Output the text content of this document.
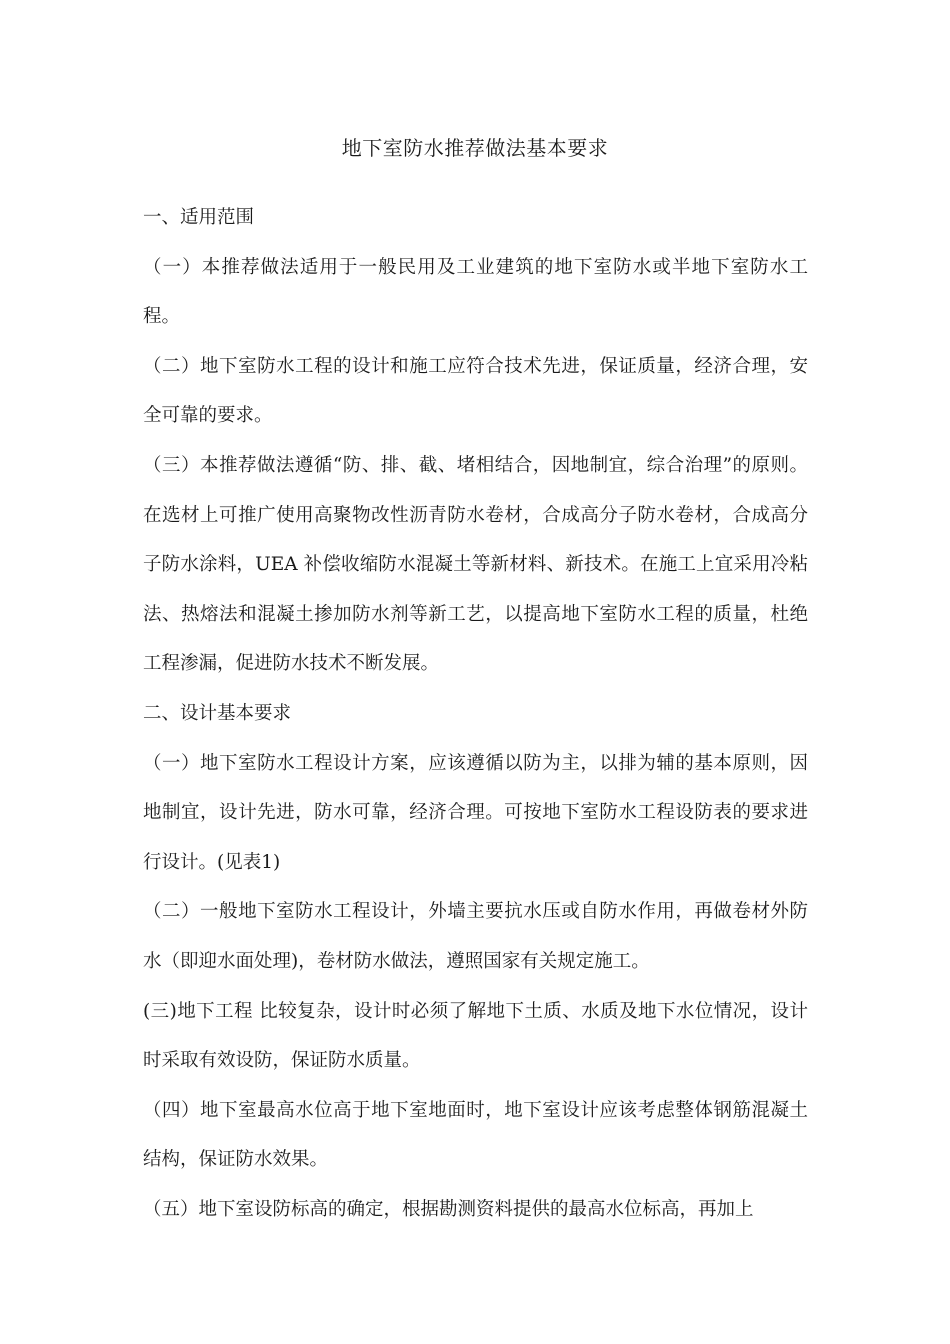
地下室防水推荐做法基本要求
一、适用范围

（一）本推荐做法适用于一般民用及工业建筑的地下室防水或半地下室防水工程。

（二）地下室防水工程的设计和施工应符合技术先进，保证质量，经济合理，安全可靠的要求。

（三）本推荐做法遵循“防、排、截、堵相结合，因地制宜，综合治理”的原则。在选材上可推广使用高聚物改性沥青防水卷材，合成高分子防水卷材，合成高分子防水涂料，UEA 补偿收缩防水混凝土等新材料、新技术。在施工上宜采用冷粘法、热熔法和混凝土掺加防水剂等新工艺，以提高地下室防水工程的质量，杜绝工程渗漏，促进防水技术不断发展。

二、设计基本要求

（一）地下室防水工程设计方案，应该遵循以防为主，以排为辅的基本原则，因地制宜，设计先进，防水可靠，经济合理。可按地下室防水工程设防表的要求进行设计。(见表1)

（二）一般地下室防水工程设计，外墙主要抗水压或自防水作用，再做卷材外防水（即迎水面处理)，卷材防水做法，遵照国家有关规定施工。

(三)地下工程 比较复杂，设计时必须了解地下土质、水质及地下水位情况，设计时采取有效设防，保证防水质量。

（四）地下室最高水位高于地下室地面时，地下室设计应该考虑整体钢筋混凝土结构，保证防水效果。

（五）地下室设防标高的确定，根据勘测资料提供的最高水位标高，再加上
